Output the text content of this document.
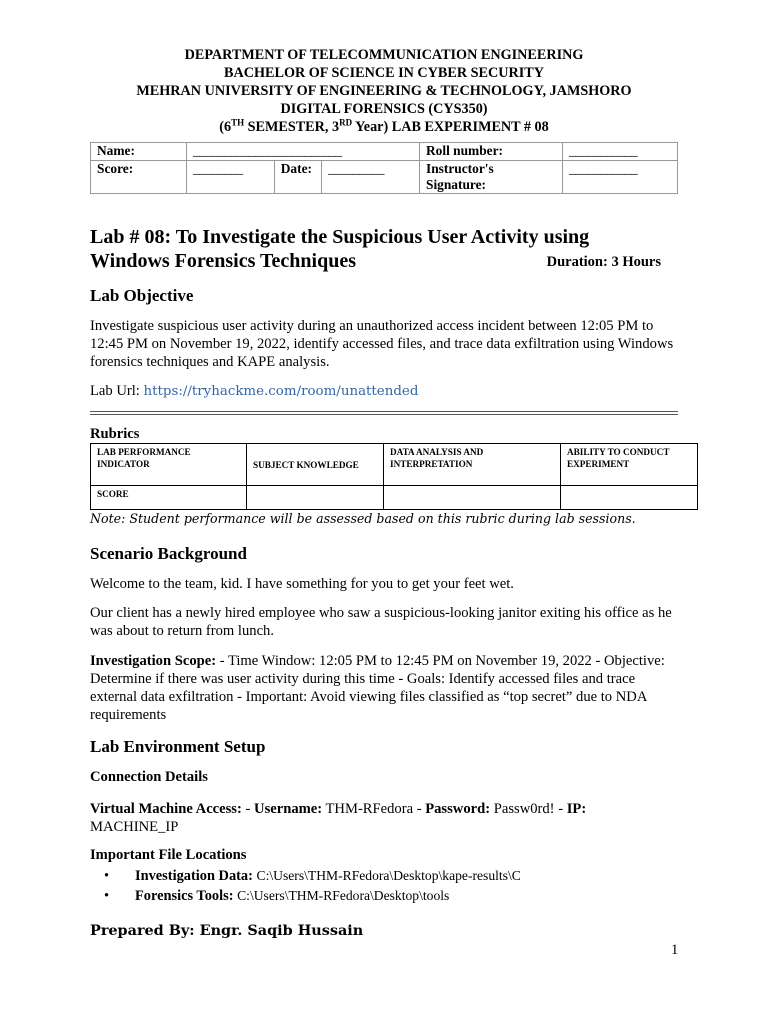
DEPARTMENT OF TELECOMMUNICATION ENGINEERING
BACHELOR OF SCIENCE IN CYBER SECURITY
MEHRAN UNIVERSITY OF ENGINEERING & TECHNOLOGY, JAMSHORO
DIGITAL FORENSICS (CYS350)
(6TH SEMESTER, 3RD Year) LAB EXPERIMENT # 08
Name:	________________________			Roll number:	___________
Score:	________	Date:	_________	Instructor's
Signature:	___________
Lab # 08: To Investigate the Suspicious User Activity using
Windows Forensics Techniques	Duration: 3 Hours
Lab Objective

Investigate suspicious user activity during an unauthorized access incident between 12:05 PM to 12:45 PM on November 19, 2022, identify accessed files, and trace data exfiltration using Windows forensics techniques and KAPE analysis.

Lab Url: https://tryhackme.com/room/unattended

Rubrics
LAB PERFORMANCE INDICATOR	SUBJECT KNOWLEDGE	DATA ANALYSIS AND INTERPRETATION	ABILITY TO CONDUCT EXPERIMENT
SCORE			
Note: Student performance will be assessed based on this rubric during lab sessions.
Scenario Background

Welcome to the team, kid. I have something for you to get your feet wet.

Our client has a newly hired employee who saw a suspicious-looking janitor exiting his office as he was about to return from lunch.

Investigation Scope: - Time Window: 12:05 PM to 12:45 PM on November 19, 2022 - Objective: Determine if there was user activity during this time - Goals: Identify accessed files and trace external data exfiltration - Important: Avoid viewing files classified as “top secret” due to NDA requirements

Lab Environment Setup
Connection Details

Virtual Machine Access: - Username: THM-RFedora - Password: Passw0rd! - IP:
MACHINE_IP

Important File Locations
• Investigation Data: C:\Users\THM-RFedora\Desktop\kape-results\C
• Forensics Tools: C:\Users\THM-RFedora\Desktop\tools
Prepared By: Engr. Saqib Hussain
1
